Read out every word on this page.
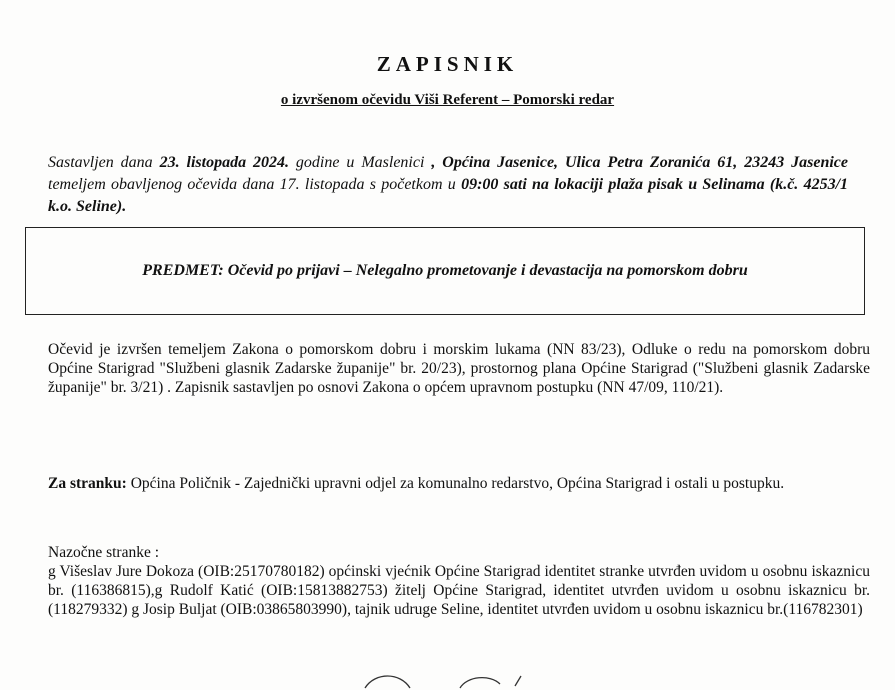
ZAPISNIK
o izvršenom očevidu Viši Referent – Pomorski redar
Sastavljen dana 23. listopada 2024. godine u Maslenici , Općina Jasenice, Ulica Petra Zoranića 61, 23243 Jasenice temeljem obavljenog očevida dana 17. listopada s početkom u 09:00 sati na lokaciji plaža pisak u Selinama (k.č. 4253/1 k.o. Seline).
PREDMET: Očevid po prijavi – Nelegalno prometovanje i devastacija na pomorskom dobru
Očevid je izvršen temeljem Zakona o pomorskom dobru i morskim lukama (NN 83/23), Odluke o redu na pomorskom dobru Općine Starigrad "Službeni glasnik Zadarske županije" br. 20/23), prostornog plana Općine Starigrad ("Službeni glasnik Zadarske županije" br. 3/21) . Zapisnik sastavljen po osnovi Zakona o općem upravnom postupku (NN 47/09, 110/21).
Za stranku: Općina Poličnik - Zajednički upravni odjel za komunalno redarstvo, Općina Starigrad i ostali u postupku.
Nazočne stranke :
g Višeslav Jure Dokoza (OIB:25170780182) općinski vjećnik Općine Starigrad identitet stranke utvrđen uvidom u osobnu iskaznicu br. (116386815),g Rudolf Katić (OIB:15813882753) žitelj Općine Starigrad, identitet utvrđen uvidom u osobnu iskaznicu br. (118279332) g Josip Buljat (OIB:03865803990), tajnik udruge Seline, identitet utvrđen uvidom u osobnu iskaznicu br.(116782301)
